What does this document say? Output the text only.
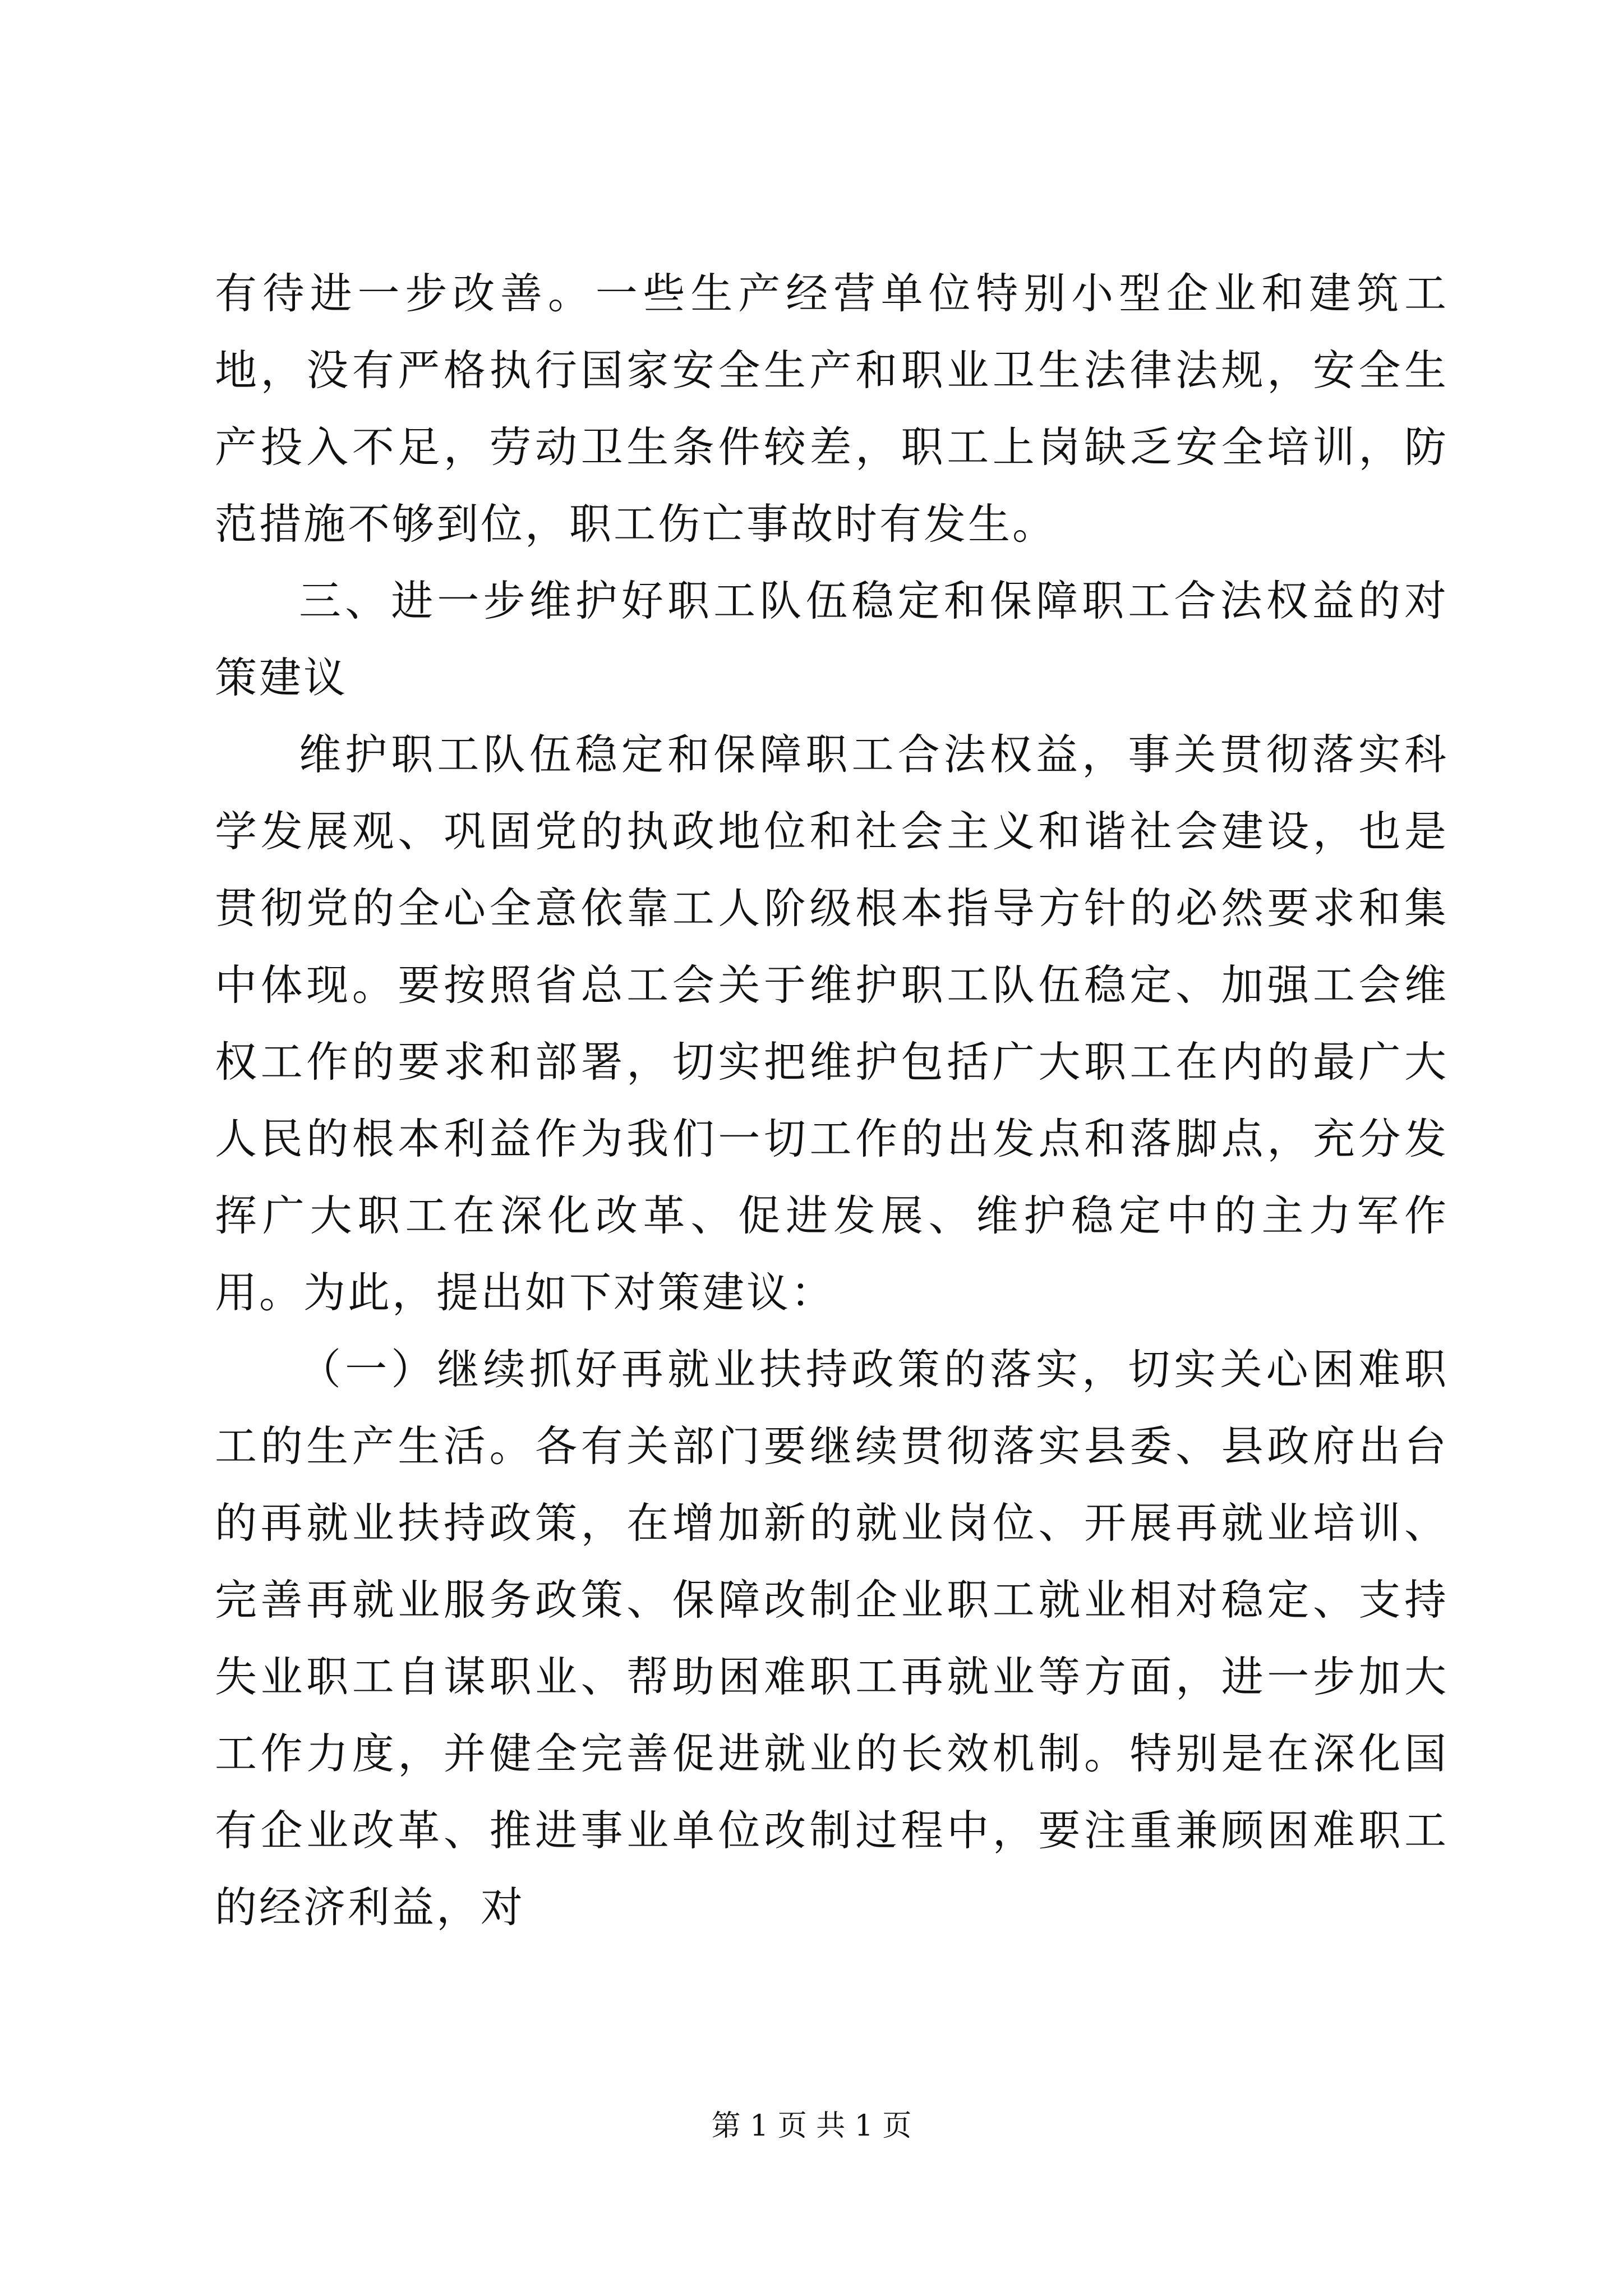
有待进一步改善。一些生产经营单位特别小型企业和建筑工地，没有严格执行国家安全生产和职业卫生法律法规，安全生产投入不足，劳动卫生条件较差，职工上岗缺乏安全培训，防范措施不够到位，职工伤亡事故时有发生。

三、进一步维护好职工队伍稳定和保障职工合法权益的对策建议

维护职工队伍稳定和保障职工合法权益，事关贯彻落实科学发展观、巩固党的执政地位和社会主义和谐社会建设，也是贯彻党的全心全意依靠工人阶级根本指导方针的必然要求和集中体现。要按照省总工会关于维护职工队伍稳定、加强工会维权工作的要求和部署，切实把维护包括广大职工在内的最广大人民的根本利益作为我们一切工作的出发点和落脚点，充分发挥广大职工在深化改革、促进发展、维护稳定中的主力军作用。为此，提出如下对策建议：

（一）继续抓好再就业扶持政策的落实，切实关心困难职工的生产生活。各有关部门要继续贯彻落实县委、县政府出台的再就业扶持政策，在增加新的就业岗位、开展再就业培训、完善再就业服务政策、保障改制企业职工就业相对稳定、支持失业职工自谋职业、帮助困难职工再就业等方面，进一步加大工作力度，并健全完善促进就业的长效机制。特别是在深化国有企业改革、推进事业单位改制过程中，要注重兼顾困难职工的经济利益，对

第 1 页 共 1 页
